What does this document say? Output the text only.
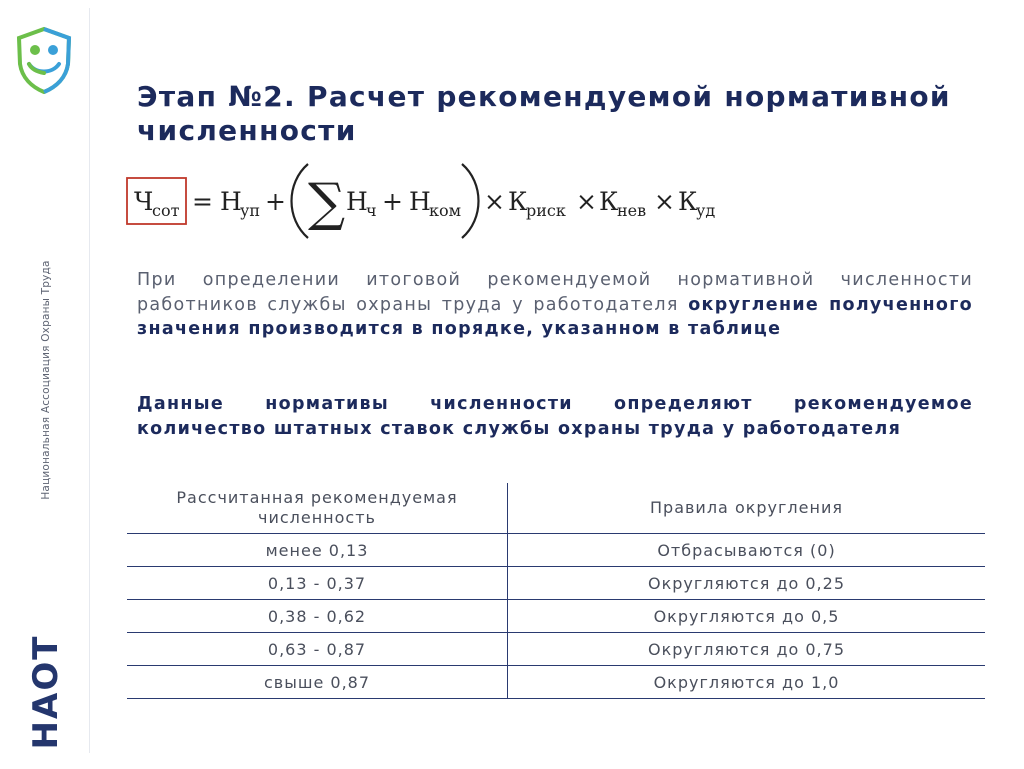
Национальная Ассоциация Охраны Труда
НАОТ
Этап №2. Расчет рекомендуемой нормативной численности
Ч
сот = Н
уп + ∑ Н
ч + Н
ком × К
риск × К
нев × К
уд

При определении итоговой рекомендуемой нормативной численности работников службы охраны труда у работодателя округление полученного значения производится в порядке, указанном в таблице

Данные нормативы численности определяют рекомендуемое количество штатных ставок службы охраны труда у работодателя

Рассчитанная рекомендуемая численность	Правила округления
менее 0,13	Отбрасываются (0)
0,13 - 0,37	Округляются до 0,25
0,38 - 0,62	Округляются до 0,5
0,63 - 0,87	Округляются до 0,75
свыше 0,87	Округляются до 1,0
